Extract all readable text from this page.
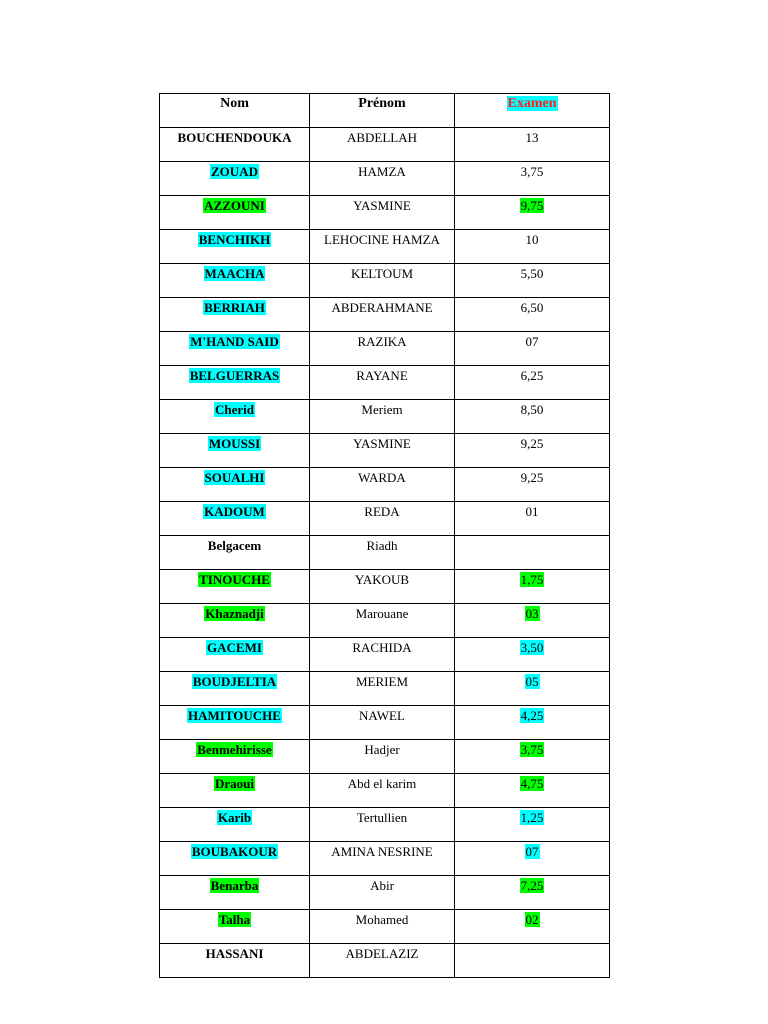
Nom	Prénom	Examen
BOUCHENDOUKA	ABDELLAH	13
ZOUAD	HAMZA	3,75
AZZOUNI	YASMINE	9,75
BENCHIKH	LEHOCINE HAMZA	10
MAACHA	KELTOUM	5,50
BERRIAH	ABDERAHMANE	6,50
M'HAND SAID	RAZIKA	07
BELGUERRAS	RAYANE	6,25
Cherid	Meriem	8,50
MOUSSI	YASMINE	9,25
SOUALHI	WARDA	9,25
KADOUM	REDA	01
Belgacem	Riadh	
TINOUCHE	YAKOUB	1,75
Khaznadji	Marouane	03
GACEMI	RACHIDA	3,50
BOUDJELTIA	MERIEM	05
HAMITOUCHE	NAWEL	4,25
Benmehirisse	Hadjer	3,75
Draoui	Abd el karim	4,75
Karib	Tertullien	1,25
BOUBAKOUR	AMINA NESRINE	07
Benarba	Abir	7,25
Talha	Mohamed	02
HASSANI	ABDELAZIZ	
